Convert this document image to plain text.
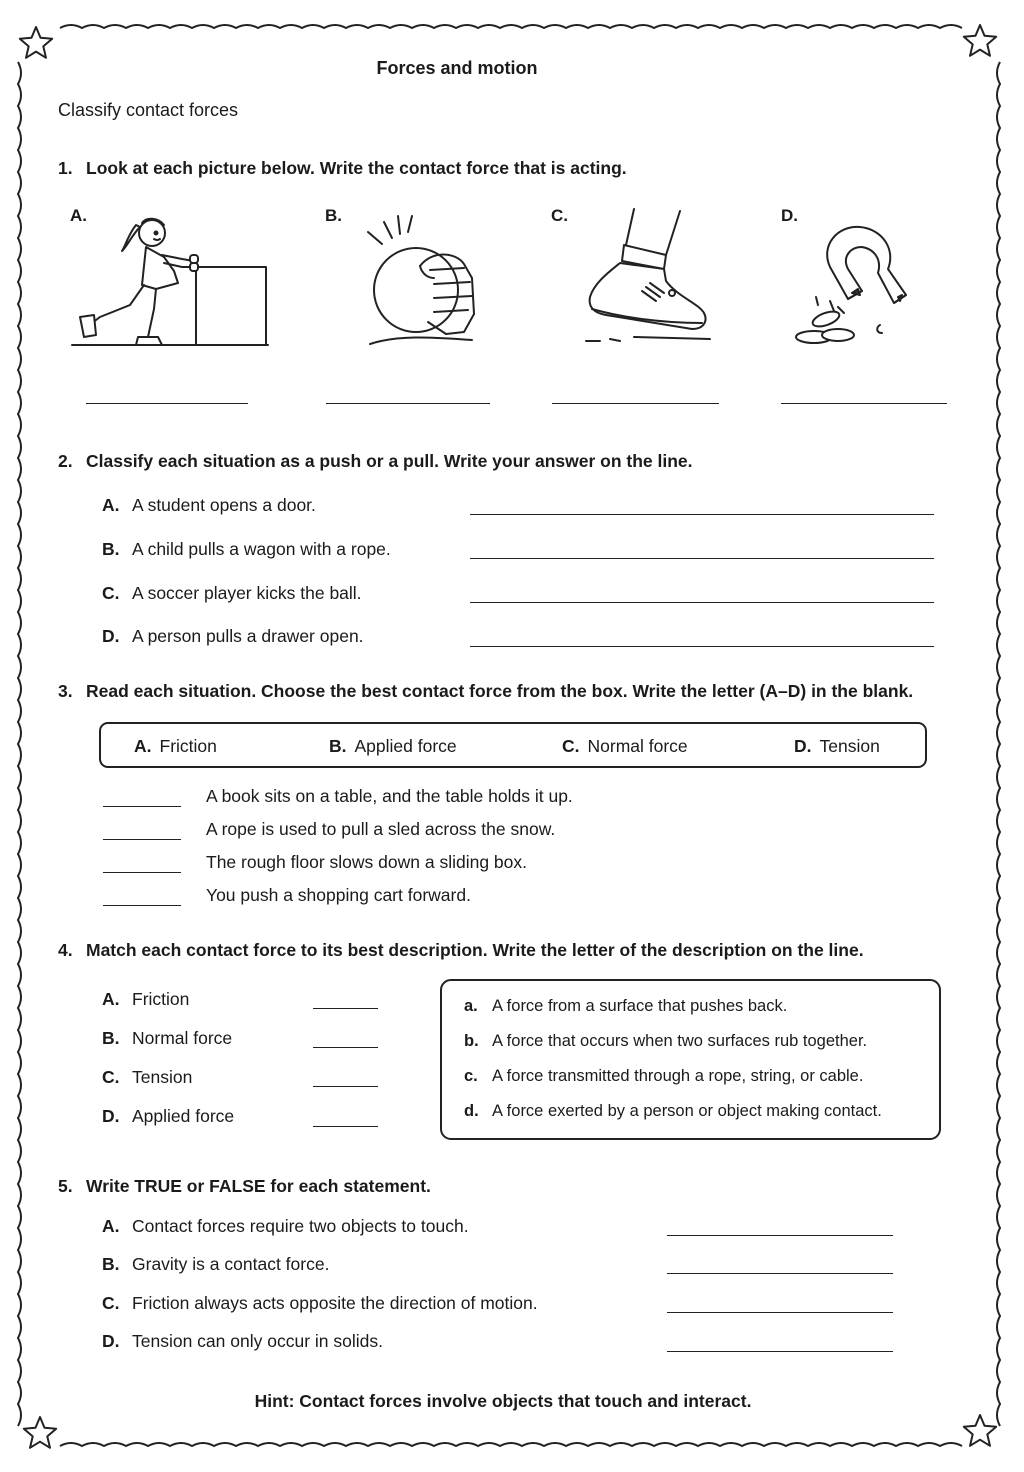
Forces and motion
Classify contact forces
1. Look at each picture below. Write the contact force that is acting.
A.	B.	C.	D.
2. Classify each situation as a push or a pull. Write your answer on the line.
A. A student opens a door.
B. A child pulls a wagon with a rope.
C. A soccer player kicks the ball.
D. A person pulls a drawer open.
3. Read each situation. Choose the best contact force from the box. Write the letter (A–D) in the blank.
A. Friction	B. Applied force	C. Normal force	D. Tension
A book sits on a table, and the table holds it up.
A rope is used to pull a sled across the snow.
The rough floor slows down a sliding box.
You push a shopping cart forward.
4. Match each contact force to its best description. Write the letter of the description on the line.
A. Friction
B. Normal force
C. Tension
D. Applied force
a. A force from a surface that pushes back.
b. A force that occurs when two surfaces rub together.
c. A force transmitted through a rope, string, or cable.
d. A force exerted by a person or object making contact.
5. Write TRUE or FALSE for each statement.
A. Contact forces require two objects to touch.
B. Gravity is a contact force.
C. Friction always acts opposite the direction of motion.
D. Tension can only occur in solids.
Hint: Contact forces involve objects that touch and interact.
